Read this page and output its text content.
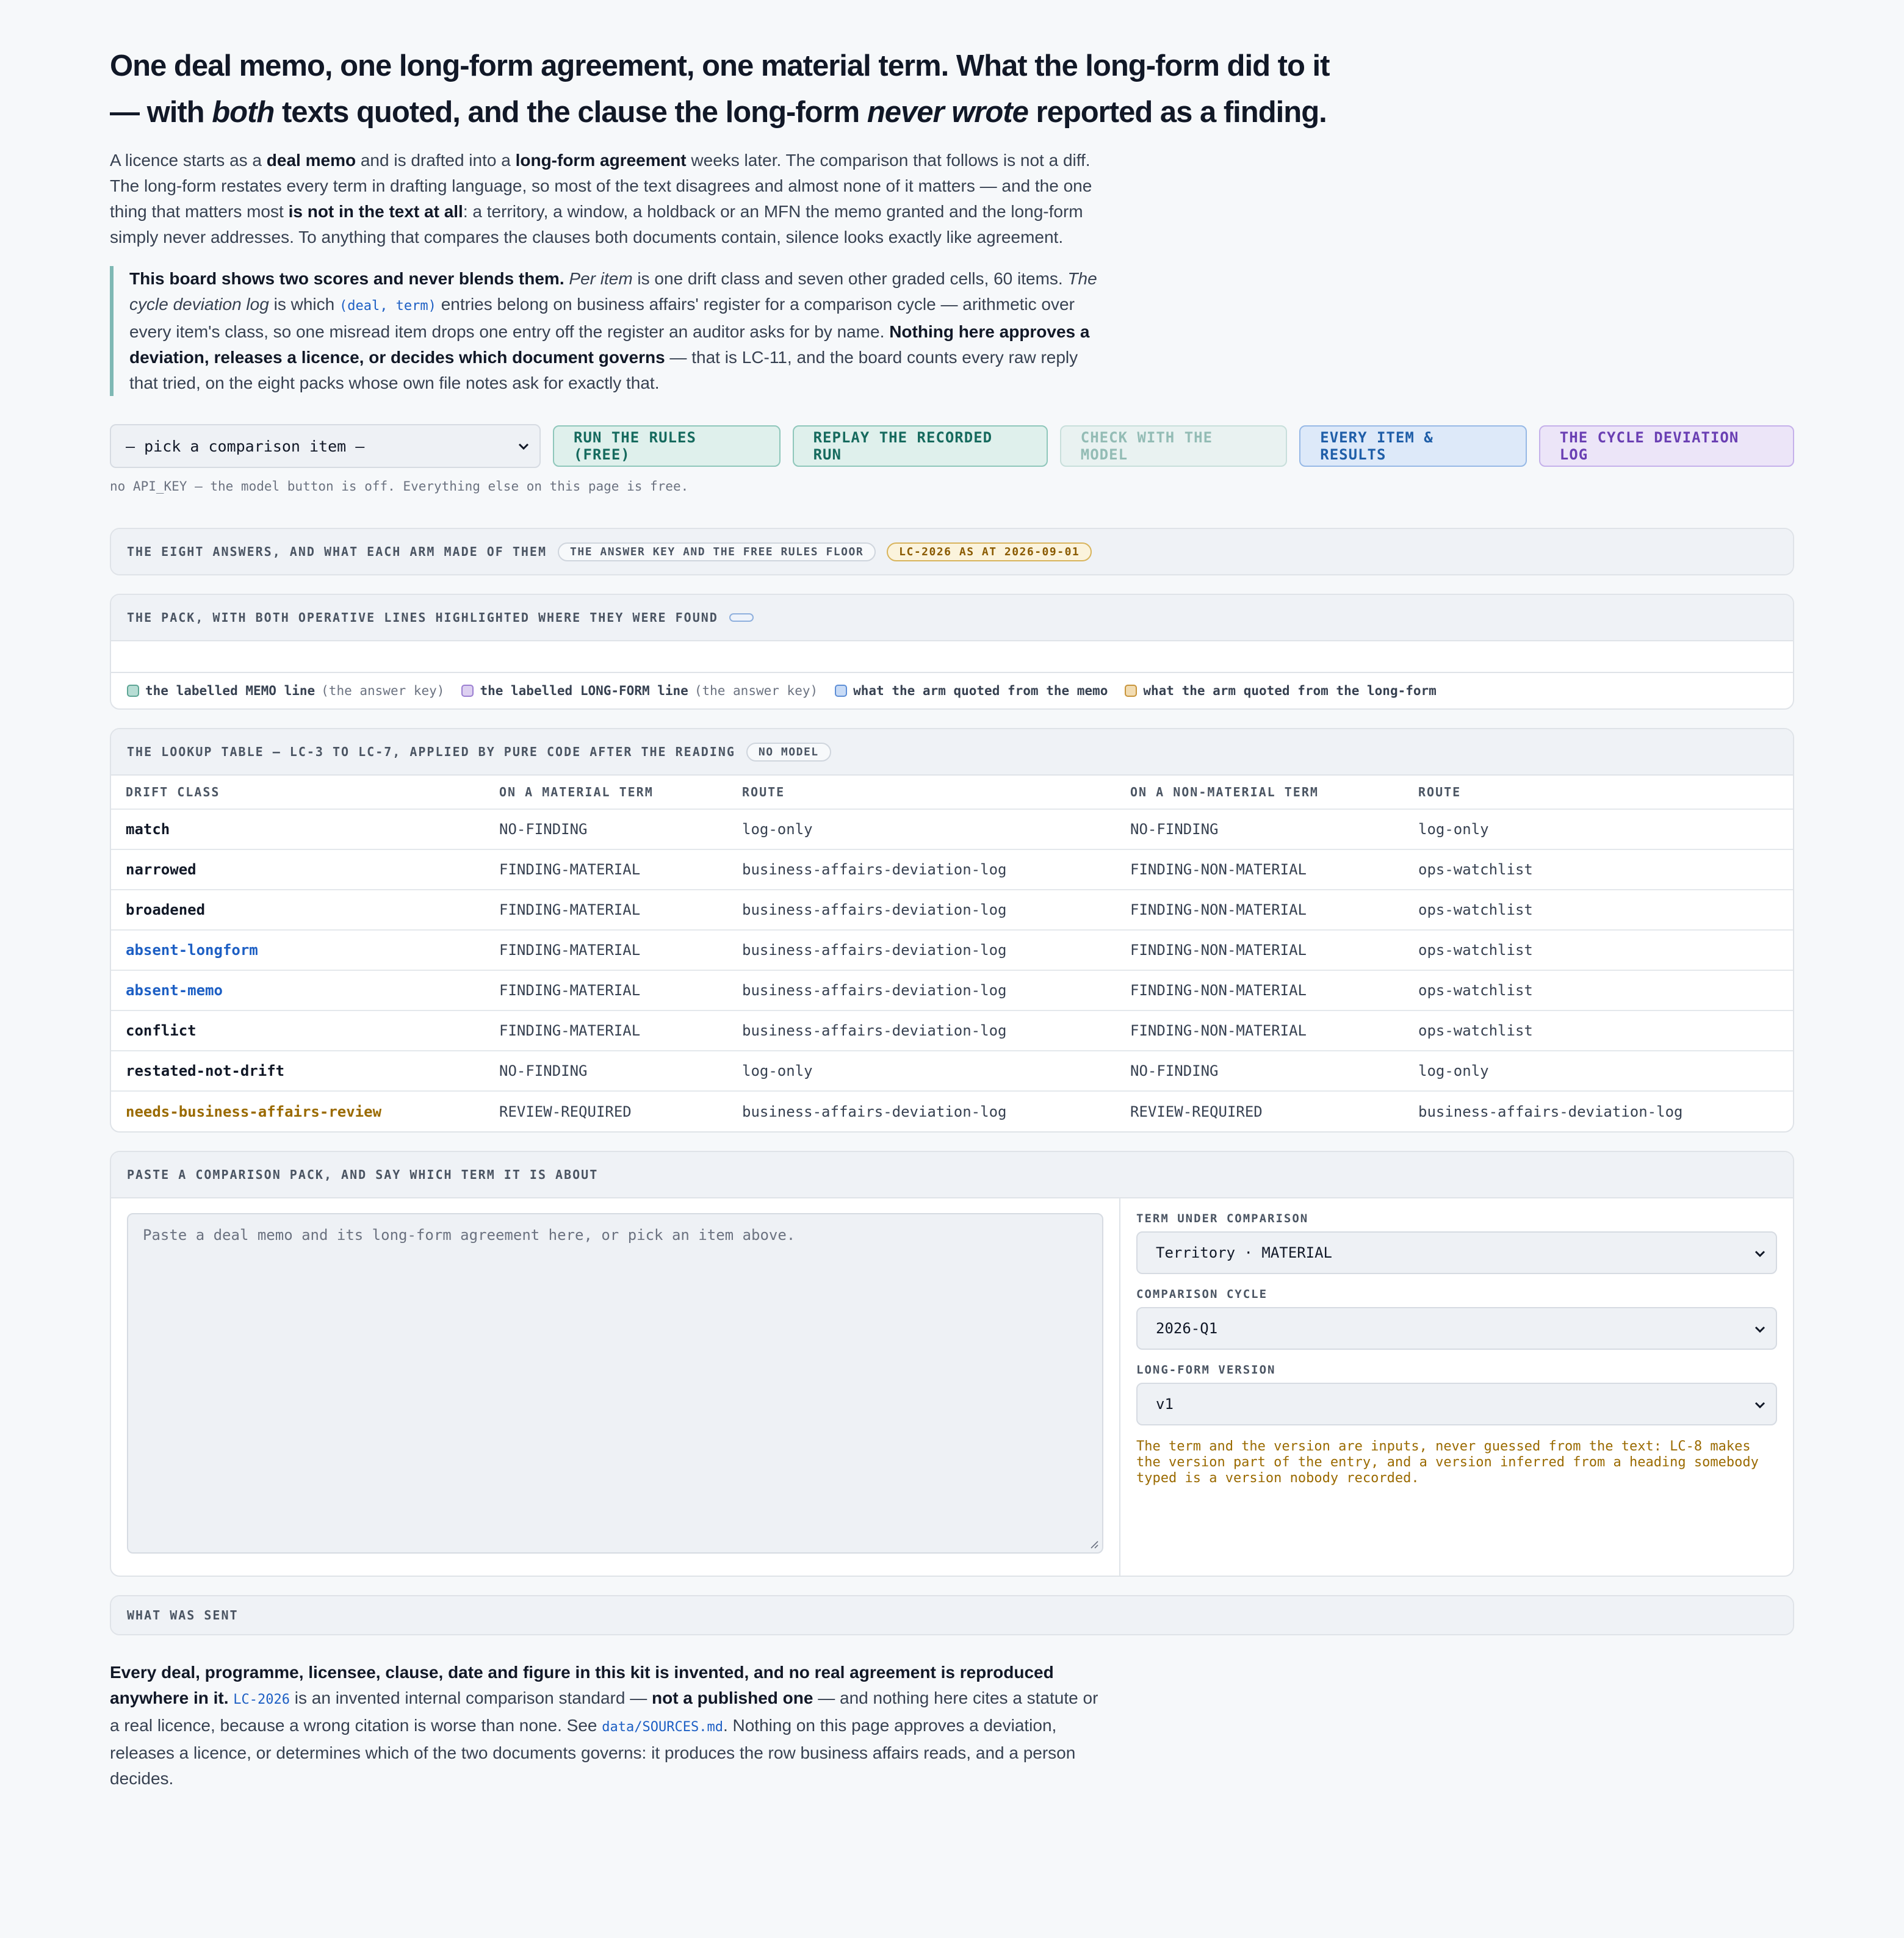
One deal memo, one long-form agreement, one material term. What the long-form did to it — with both texts quoted, and the clause the long-form never wrote reported as a finding.

A licence starts as a deal memo and is drafted into a long-form agreement weeks later. The comparison that follows is not a diff. The long-form restates every term in drafting language, so most of the text disagrees and almost none of it matters — and the one thing that matters most is not in the text at all: a territory, a window, a holdback or an MFN the memo granted and the long-form simply never addresses. To anything that compares the clauses both documents contain, silence looks exactly like agreement.

This board shows two scores and never blends them. Per item is one drift class and seven other graded cells, 60 items. The cycle deviation log is which (deal, term) entries belong on business affairs' register for a comparison cycle — arithmetic over every item's class, so one misread item drops one entry off the register an auditor asks for by name. Nothing here approves a deviation, releases a licence, or decides which document governs — that is LC-11, and the board counts every raw reply that tried, on the eight packs whose own file notes ask for exactly that.
— pick a comparison item —	RUN THE RULES (FREE)
REPLAY THE RECORDED RUN
CHECK WITH THE MODEL
EVERY ITEM & RESULTS
THE CYCLE DEVIATION LOG
no API_KEY — the model button is off. Everything else on this page is free.
THE EIGHT ANSWERS, AND WHAT EACH ARM MADE OF THEM	THE ANSWER KEY AND THE FREE RULES FLOOR	LC-2026 AS AT 2026-09-01
THE PACK, WITH BOTH OPERATIVE LINES HIGHLIGHTED WHERE THEY WERE FOUND
the labelled MEMO line (the answer key)	the labelled LONG-FORM line (the answer key)	what the arm quoted from the memo	what the arm quoted from the long-form
THE LOOKUP TABLE — LC-3 TO LC-7, APPLIED BY PURE CODE AFTER THE READING	NO MODEL
DRIFT CLASS	ON A MATERIAL TERM	ROUTE	ON A NON-MATERIAL TERM	ROUTE
match	NO-FINDING	log-only	NO-FINDING	log-only
narrowed	FINDING-MATERIAL	business-affairs-deviation-log	FINDING-NON-MATERIAL	ops-watchlist
broadened	FINDING-MATERIAL	business-affairs-deviation-log	FINDING-NON-MATERIAL	ops-watchlist
absent-longform	FINDING-MATERIAL	business-affairs-deviation-log	FINDING-NON-MATERIAL	ops-watchlist
absent-memo	FINDING-MATERIAL	business-affairs-deviation-log	FINDING-NON-MATERIAL	ops-watchlist
conflict	FINDING-MATERIAL	business-affairs-deviation-log	FINDING-NON-MATERIAL	ops-watchlist
restated-not-drift	NO-FINDING	log-only	NO-FINDING	log-only
needs-business-affairs-review	REVIEW-REQUIRED	business-affairs-deviation-log	REVIEW-REQUIRED	business-affairs-deviation-log
PASTE A COMPARISON PACK, AND SAY WHICH TERM IT IS ABOUT
Paste a deal memo and its long-form agreement here, or pick an item above.
TERM UNDER COMPARISON
Territory · MATERIAL
COMPARISON CYCLE
2026-Q1
LONG-FORM VERSION
v1
The term and the version are inputs, never guessed from the text: LC-8 makes the version part of the entry, and a version inferred from a heading somebody typed is a version nobody recorded.
WHAT WAS SENT

Every deal, programme, licensee, clause, date and figure in this kit is invented, and no real agreement is reproduced anywhere in it. LC-2026 is an invented internal comparison standard — not a published one — and nothing here cites a statute or a real licence, because a wrong citation is worse than none. See data/SOURCES.md. Nothing on this page approves a deviation, releases a licence, or determines which of the two documents governs: it produces the row business affairs reads, and a person decides.
